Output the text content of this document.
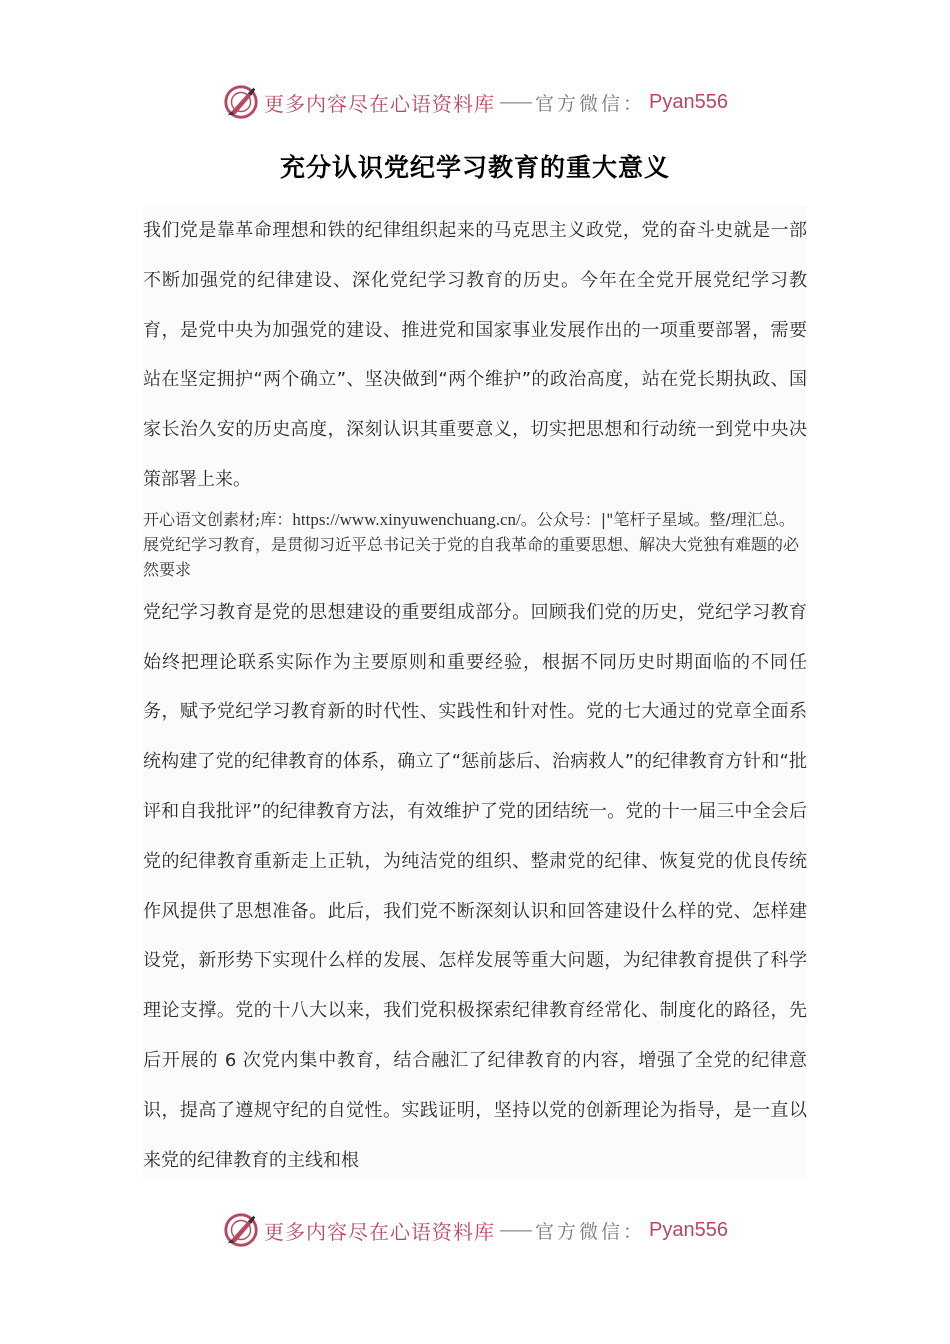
更多内容尽在心语资料库 —— 官方微信： Pyan556
充分认识党纪学习教育的重大意义

我们党是靠革命理想和铁的纪律组织起来的马克思主义政党，党的奋斗史就是一部不断加强党的纪律建设、深化党纪学习教育的历史。今年在全党开展党纪学习教育，是党中央为加强党的建设、推进党和国家事业发展作出的一项重要部署，需要站在坚定拥护“两个确立”、坚决做到“两个维护”的政治高度，站在党长期执政、国家长治久安的历史高度，深刻认识其重要意义，切实把思想和行动统一到党中央决策部署上来。

开心语文创素材;库：https://www.xinyuwenchuang.cn/。公众号：|"笔杆子星域。整/理汇总。展党纪学习教育，是贯彻习近平总书记关于党的自我革命的重要思想、解决大党独有难题的必然要求

党纪学习教育是党的思想建设的重要组成部分。回顾我们党的历史，党纪学习教育始终把理论联系实际作为主要原则和重要经验，根据不同历史时期面临的不同任务，赋予党纪学习教育新的时代性、实践性和针对性。党的七大通过的党章全面系统构建了党的纪律教育的体系，确立了“惩前毖后、治病救人”的纪律教育方针和“批评和自我批评”的纪律教育方法，有效维护了党的团结统一。党的十一届三中全会后党的纪律教育重新走上正轨，为纯洁党的组织、整肃党的纪律、恢复党的优良传统作风提供了思想准备。此后，我们党不断深刻认识和回答建设什么样的党、怎样建设党，新形势下实现什么样的发展、怎样发展等重大问题，为纪律教育提供了科学理论支撑。党的十八大以来，我们党积极探索纪律教育经常化、制度化的路径，先后开展的 6 次党内集中教育，结合融汇了纪律教育的内容，增强了全党的纪律意识，提高了遵规守纪的自觉性。实践证明，坚持以党的创新理论为指导，是一直以来党的纪律教育的主线和根

更多内容尽在心语资料库 —— 官方微信： Pyan556
